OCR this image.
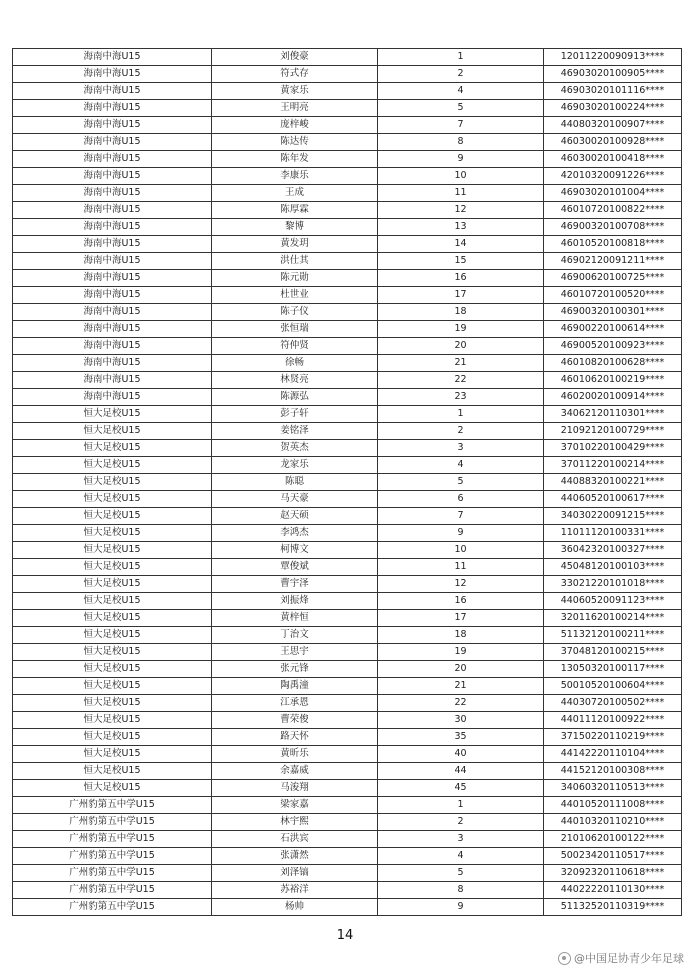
海南中海U15	刘俊豪	1	12011220090913****
海南中海U15	符式存	2	46903020100905****
海南中海U15	黄家乐	4	46903020101116****
海南中海U15	王明亮	5	46903020100224****
海南中海U15	庞梓峻	7	44080320100907****
海南中海U15	陈达传	8	46030020100928****
海南中海U15	陈年发	9	46030020100418****
海南中海U15	李康乐	10	42010320091226****
海南中海U15	王成	11	46903020101004****
海南中海U15	陈厚霖	12	46010720100822****
海南中海U15	黎博	13	46900320100708****
海南中海U15	黄发玥	14	46010520100818****
海南中海U15	洪仕其	15	46902120091211****
海南中海U15	陈元勋	16	46900620100725****
海南中海U15	杜世业	17	46010720100520****
海南中海U15	陈子仪	18	46900320100301****
海南中海U15	张恒瑞	19	46900220100614****
海南中海U15	符仲贤	20	46900520100923****
海南中海U15	徐畅	21	46010820100628****
海南中海U15	林贤亮	22	46010620100219****
海南中海U15	陈源弘	23	46020020100914****
恒大足校U15	彭子轩	1	34062120110301****
恒大足校U15	姜铭泽	2	21092120100729****
恒大足校U15	贺英杰	3	37010220100429****
恒大足校U15	龙家乐	4	37011220100214****
恒大足校U15	陈聪	5	44088320100221****
恒大足校U15	马天豪	6	44060520100617****
恒大足校U15	赵天硕	7	34030220091215****
恒大足校U15	李鸿杰	9	11011120100331****
恒大足校U15	柯博文	10	36042320100327****
恒大足校U15	覃俊斌	11	45048120100103****
恒大足校U15	曹宇泽	12	33021220101018****
恒大足校U15	刘振烽	16	44060520091123****
恒大足校U15	黄梓恒	17	32011620100214****
恒大足校U15	丁治文	18	51132120100211****
恒大足校U15	王思宇	19	37048120100215****
恒大足校U15	张元锋	20	13050320100117****
恒大足校U15	陶禹潼	21	50010520100604****
恒大足校U15	江承恩	22	44030720100502****
恒大足校U15	曹荣俊	30	44011120100922****
恒大足校U15	路天怀	35	37150220110219****
恒大足校U15	黄昕乐	40	44142220110104****
恒大足校U15	余嘉威	44	44152120100308****
恒大足校U15	马浚翔	45	34060320110513****
广州豹第五中学U15	梁家嘉	1	44010520111008****
广州豹第五中学U15	林宇熙	2	44010320110210****
广州豹第五中学U15	石洪宾	3	21010620100122****
广州豹第五中学U15	张潇然	4	50023420110517****
广州豹第五中学U15	刘泽镐	5	32092320110618****
广州豹第五中学U15	苏裕洋	8	44022220110130****
广州豹第五中学U15	杨帅	9	51132520110319****
14
@中国足协青少年足球
